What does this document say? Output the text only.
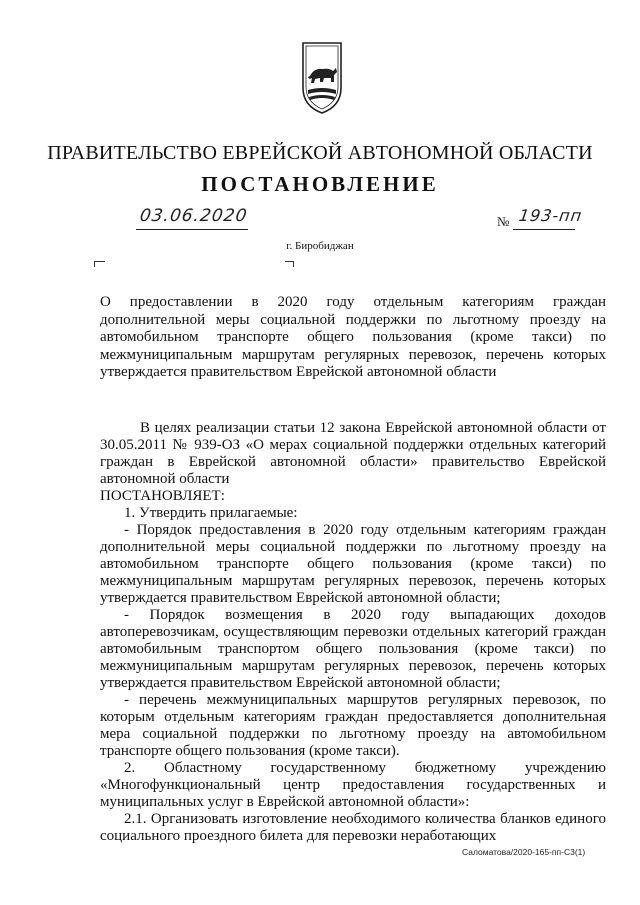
ПРАВИТЕЛЬСТВО ЕВРЕЙСКОЙ АВТОНОМНОЙ ОБЛАСТИ
ПОСТАНОВЛЕНИЕ
03.06.2020	№ 193-пп
г. Биробиджан
О предоставлении в 2020 году отдельным категориям граждан дополнительной меры социальной поддержки по льготному проезду на автомобильном транспорте общего пользования (кроме такси) по межмуниципальным маршрутам регулярных перевозок, перечень которых утверждается правительством Еврейской автономной области

В целях реализации статьи 12 закона Еврейской автономной области от 30.05.2011 № 939-ОЗ «О мерах социальной поддержки отдельных категорий граждан в Еврейской автономной области» правительство Еврейской автономной области

ПОСТАНОВЛЯЕТ:

1. Утвердить прилагаемые:

- Порядок предоставления в 2020 году отдельным категориям граждан дополнительной меры социальной поддержки по льготному проезду на автомобильном транспорте общего пользования (кроме такси) по межмуниципальным маршрутам регулярных перевозок, перечень которых утверждается правительством Еврейской автономной области;

- Порядок возмещения в 2020 году выпадающих доходов автоперевозчикам, осуществляющим перевозки отдельных категорий граждан автомобильным транспортом общего пользования (кроме такси) по межмуниципальным маршрутам регулярных перевозок, перечень которых утверждается правительством Еврейской автономной области;

- перечень межмуниципальных маршрутов регулярных перевозок, по которым отдельным категориям граждан предоставляется дополнительная мера социальной поддержки по льготному проезду на автомобильном транспорте общего пользования (кроме такси).

2. Областному государственному бюджетному учреждению «Многофункциональный центр предоставления государственных и муниципальных услуг в Еврейской автономной области»:

2.1. Организовать изготовление необходимого количества бланков единого социального проездного билета для перевозки неработающих

Саломатова/2020-165-пп-С3(1)
